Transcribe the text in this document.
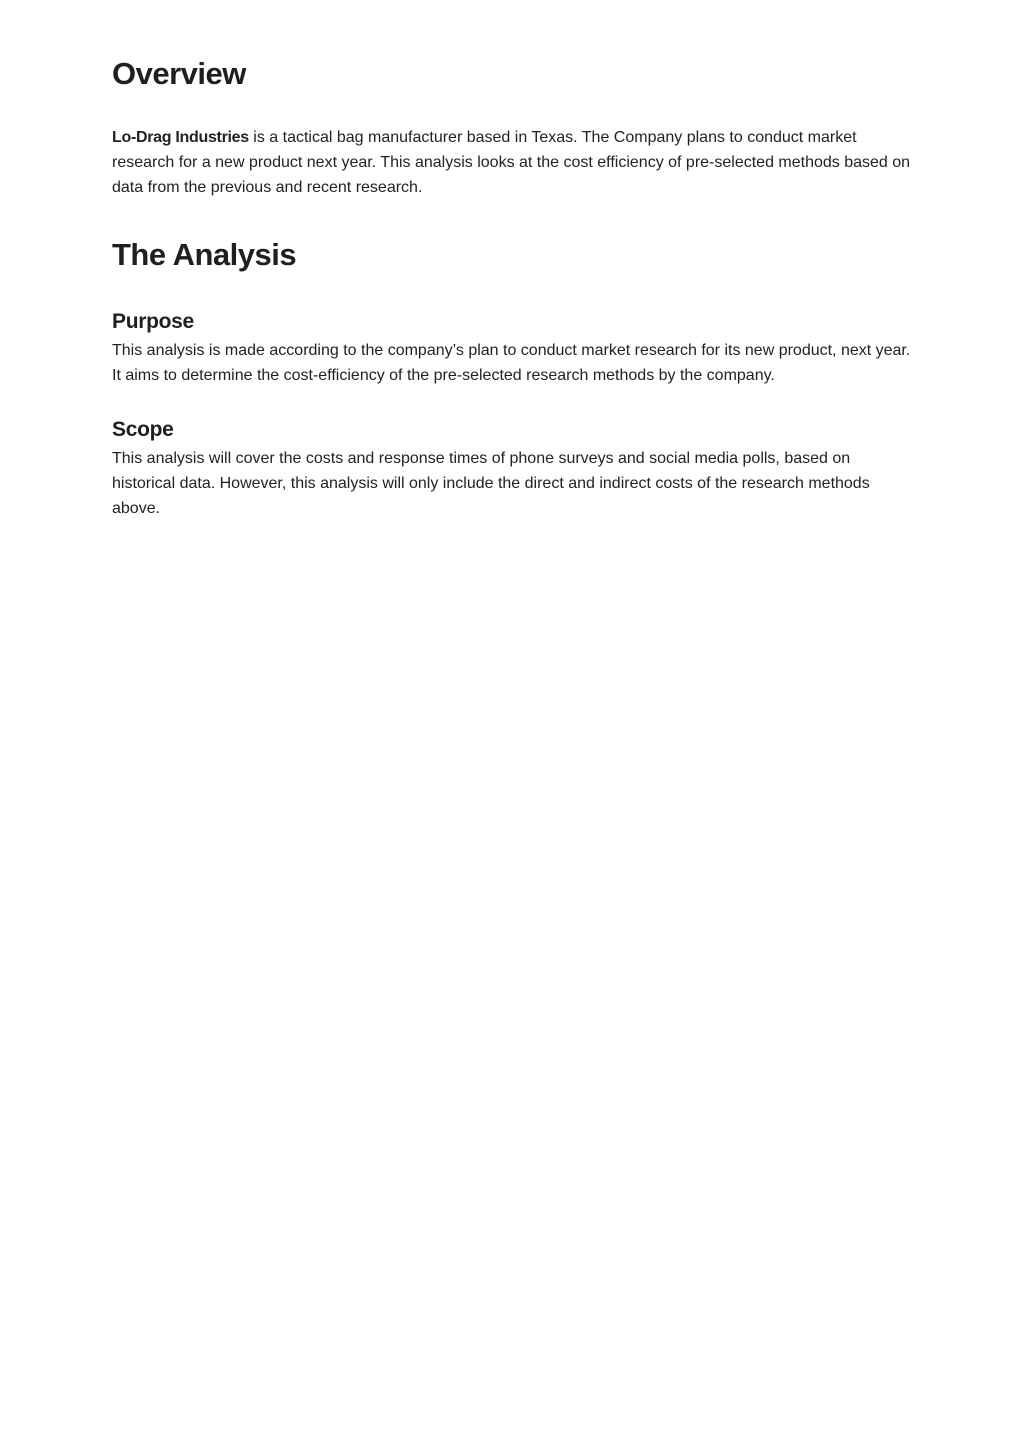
Overview

Lo-Drag Industries is a tactical bag manufacturer based in Texas. The Company plans to conduct market research for a new product next year. This analysis looks at the cost efficiency of pre-selected methods based on data from the previous and recent research.

The Analysis
Purpose

This analysis is made according to the company’s plan to conduct market research for its new product, next year. It aims to determine the cost-efficiency of the pre-selected research methods by the company.

Scope

This analysis will cover the costs and response times of phone surveys and social media polls, based on historical data. However, this analysis will only include the direct and indirect costs of the research methods above.
